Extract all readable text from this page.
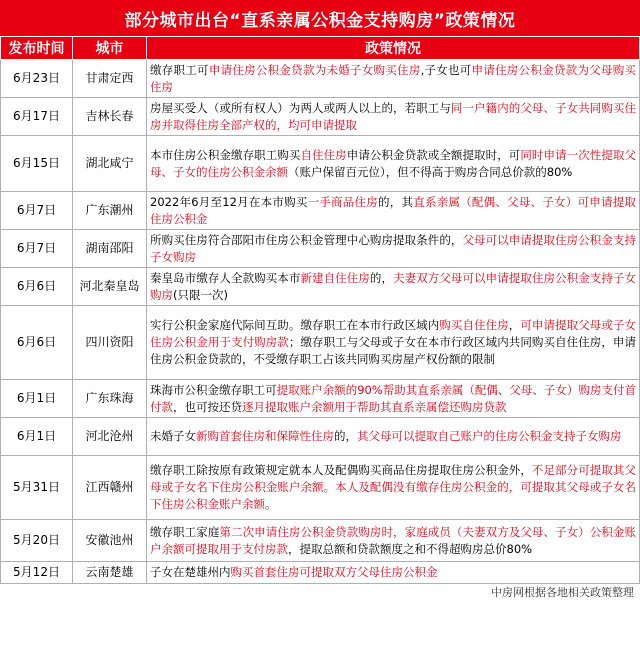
部分城市出台“直系亲属公积金支持购房”政策情况
发布时间	城市	政策情况
6月23日	甘肃定西	缴存职工可申请住房公积金贷款为未婚子女购买住房,子女也可申请住房公积金贷款为父母购买住房
6月17日	吉林长春	房屋买受人（或所有权人）为两人或两人以上的，若职工与同一户籍内的父母、子女共同购买住房并取得住房全部产权的，均可申请提取
6月15日	湖北咸宁	本市住房公积金缴存职工购买自住住房申请公积金贷款或全额提取时，可同时申请一次性提取父母、子女的住房公积金余额（账户保留百元位），但不得高于购房合同总价款的80%
6月7日	广东潮州	2022年6月至12月在本市购买一手商品住房的，其直系亲属（配偶、父母、子女）可申请提取住房公积金
6月7日	湖南邵阳	所购买住房符合邵阳市住房公积金管理中心购房提取条件的，父母可以申请提取住房公积金支持子女购房
6月6日	河北秦皇岛	秦皇岛市缴存人全款购买本市新建自住住房的，夫妻双方父母可以申请提取住房公积金支持子女购房(只限一次)
6月6日	四川资阳	实行公积金家庭代际间互助。缴存职工在本市行政区域内购买自住住房，可申请提取父母或子女住房公积金用于支付购房款；缴存职工与父母或子女在本市行政区域内共同购买自住住房，申请住房公积金贷款的，不受缴存职工占该共同购买房屋产权份额的限制
6月1日	广东珠海	珠海市公积金缴存职工可提取账户余额的90%帮助其直系亲属（配偶、父母、子女）购房支付首付款，也可按还贷逐月提取账户余额用于帮助其直系亲属偿还购房贷款
6月1日	河北沧州	未婚子女新购首套住房和保障性住房的，其父母可以提取自己账户的住房公积金支持子女购房
5月31日	江西赣州	缴存职工除按原有政策规定就本人及配偶购买商品住房提取住房公积金外，不足部分可提取其父母或子女名下住房公积金账户余额。本人及配偶没有缴存住房公积金的，可提取其父母或子女名下住房公积金账户余额。
5月20日	安徽池州	缴存职工家庭第二次申请住房公积金贷款购房时，家庭成员（夫妻双方及父母、子女）公积金账户余额可提取用于支付房款，提取总额和贷款额度之和不得超购房总价80%
5月12日	云南楚雄	子女在楚雄州内购买首套住房可提取双方父母住房公积金
中房网根据各地相关政策整理
